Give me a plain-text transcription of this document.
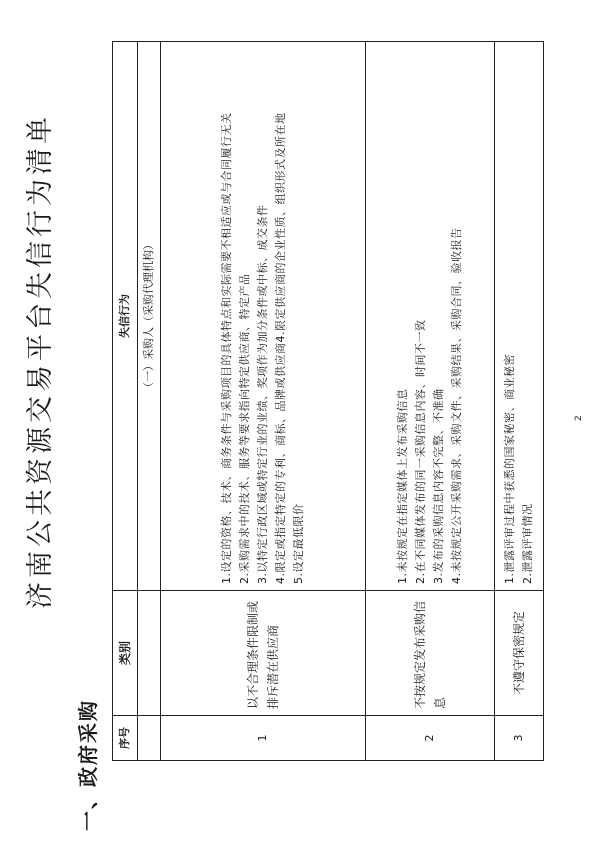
济南公共资源交易平台失信行为清单
一、政府采购 序号	类别	失信行为
		（一）采购人（采购代理机构）
1	以不合理条件限制或排斥潜在供应商	1.设定的资格、技术、商务条件与采购项目的具体特点和实际需要不相适应或与合同履行无关 2.采购需求中的技术、服务等要求指向特定供应商、特定产品 3.以特定行政区域或特定行业的业绩、奖项作为加分条件或中标、成交条件 4.限定或指定特定的专利、商标、品牌或供应商4.限定供应商的企业性质、组织形式及所在地 5.设定最低限价

2	不按规定发布采购信息	1.未按规定在指定媒体上发布采购信息 2.在不同媒体发布的同一采购信息内容、时间不一致 3.发布的采购信息内容不完整、不准确 4.未按规定公开采购需求、采购文件、采购结果、采购合同、验收报告

3	不遵守保密规定	1.泄露评审过程中获悉的国家秘密、商业秘密 2.泄露评审情况
2
